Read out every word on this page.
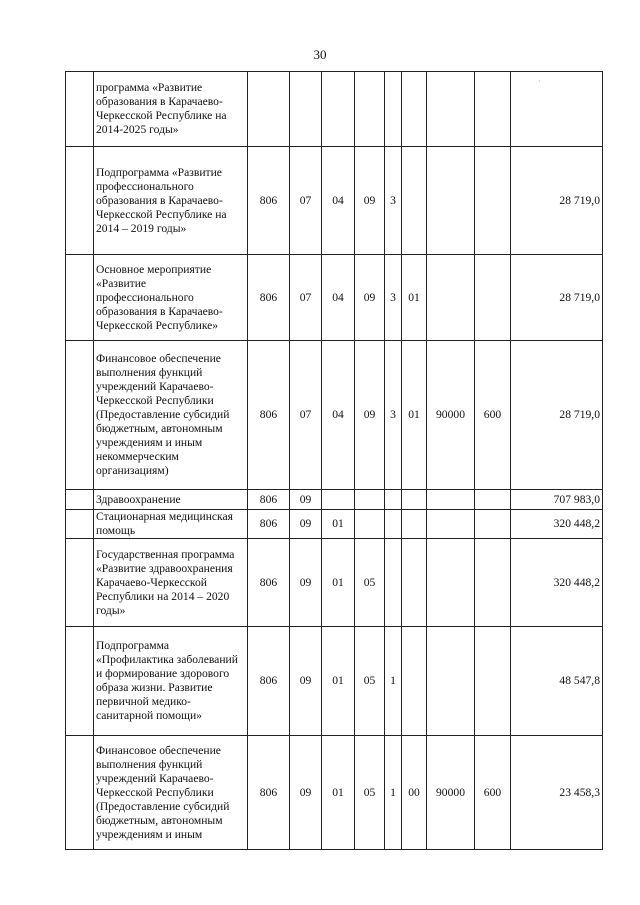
30
·
	программа «Развитие образования в Карачаево-Черкесской Республике на 2014-2025 годы»									
	Подпрограмма «Развитие профессионального образования в Карачаево-Черкесской Республике на 2014 – 2019 годы»	806	07	04	09	3				28 719,0
	Основное мероприятие «Развитие профессионального образования в Карачаево-Черкесской Республике»	806	07	04	09	3	01			28 719,0
	Финансовое обеспечение выполнения функций учреждений Карачаево-Черкесской Республики (Предоставление субсидий бюджетным, автономным учреждениям и иным некоммерческим организациям)	806	07	04	09	3	01	90000	600	28 719,0
	Здравоохранение	806	09							707 983,0
	Стационарная медицинская помощь	806	09	01						320 448,2
	Государственная программа «Развитие здравоохранения Карачаево-Черкесской Республики на 2014 – 2020 годы»	806	09	01	05					320 448,2
	Подпрограмма «Профилактика заболеваний и формирование здорового образа жизни. Развитие первичной медико-санитарной помощи»	806	09	01	05	1				48 547,8
	Финансовое обеспечение выполнения функций учреждений Карачаево-Черкесской Республики (Предоставление субсидий бюджетным, автономным учреждениям и иным	806	09	01	05	1	00	90000	600	23 458,3
